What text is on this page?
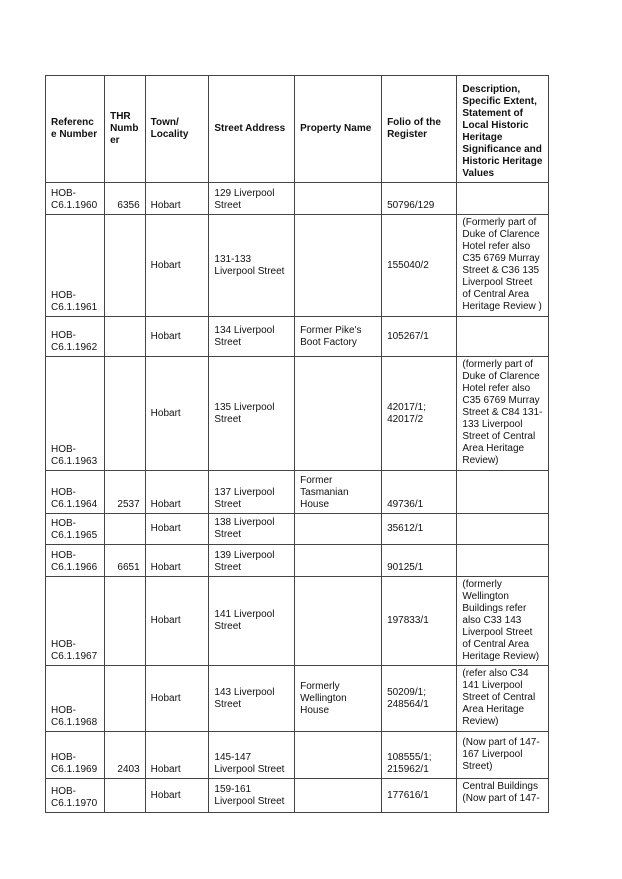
Reference Number	THR Number	Town/ Locality	Street Address	Property Name	Folio of the Register	Description, Specific Extent, Statement of Local Historic Heritage Significance and Historic Heritage Values
HOB-C6.1.1960	6356	Hobart	129 Liverpool Street		50796/129	
HOB-C6.1.1961		Hobart	131-133 Liverpool Street		155040/2	(Formerly part of Duke of Clarence Hotel refer also C35 6769 Murray Street & C36 135 Liverpool Street of Central Area Heritage Review )
HOB-C6.1.1962		Hobart	134 Liverpool Street	Former Pike's Boot Factory	105267/1	
HOB-C6.1.1963		Hobart	135 Liverpool Street		42017/1; 42017/2	(formerly part of Duke of Clarence Hotel refer also C35 6769 Murray Street & C84 131-133 Liverpool Street of Central Area Heritage Review)
HOB-C6.1.1964	2537	Hobart	137 Liverpool Street	Former Tasmanian House	49736/1	
HOB-C6.1.1965		Hobart	138 Liverpool Street		35612/1	
HOB-C6.1.1966	6651	Hobart	139 Liverpool Street		90125/1	
HOB-C6.1.1967		Hobart	141 Liverpool Street		197833/1	(formerly Wellington Buildings refer also C33 143 Liverpool Street of Central Area Heritage Review)
HOB-C6.1.1968		Hobart	143 Liverpool Street	Formerly Wellington House	50209/1; 248564/1	(refer also C34 141 Liverpool Street of Central Area Heritage Review)
HOB-C6.1.1969	2403	Hobart	145-147 Liverpool Street		108555/1; 215962/1	(Now part of 147-167 Liverpool Street)
HOB-C6.1.1970		Hobart	159-161 Liverpool Street		177616/1	Central Buildings (Now part of 147-
